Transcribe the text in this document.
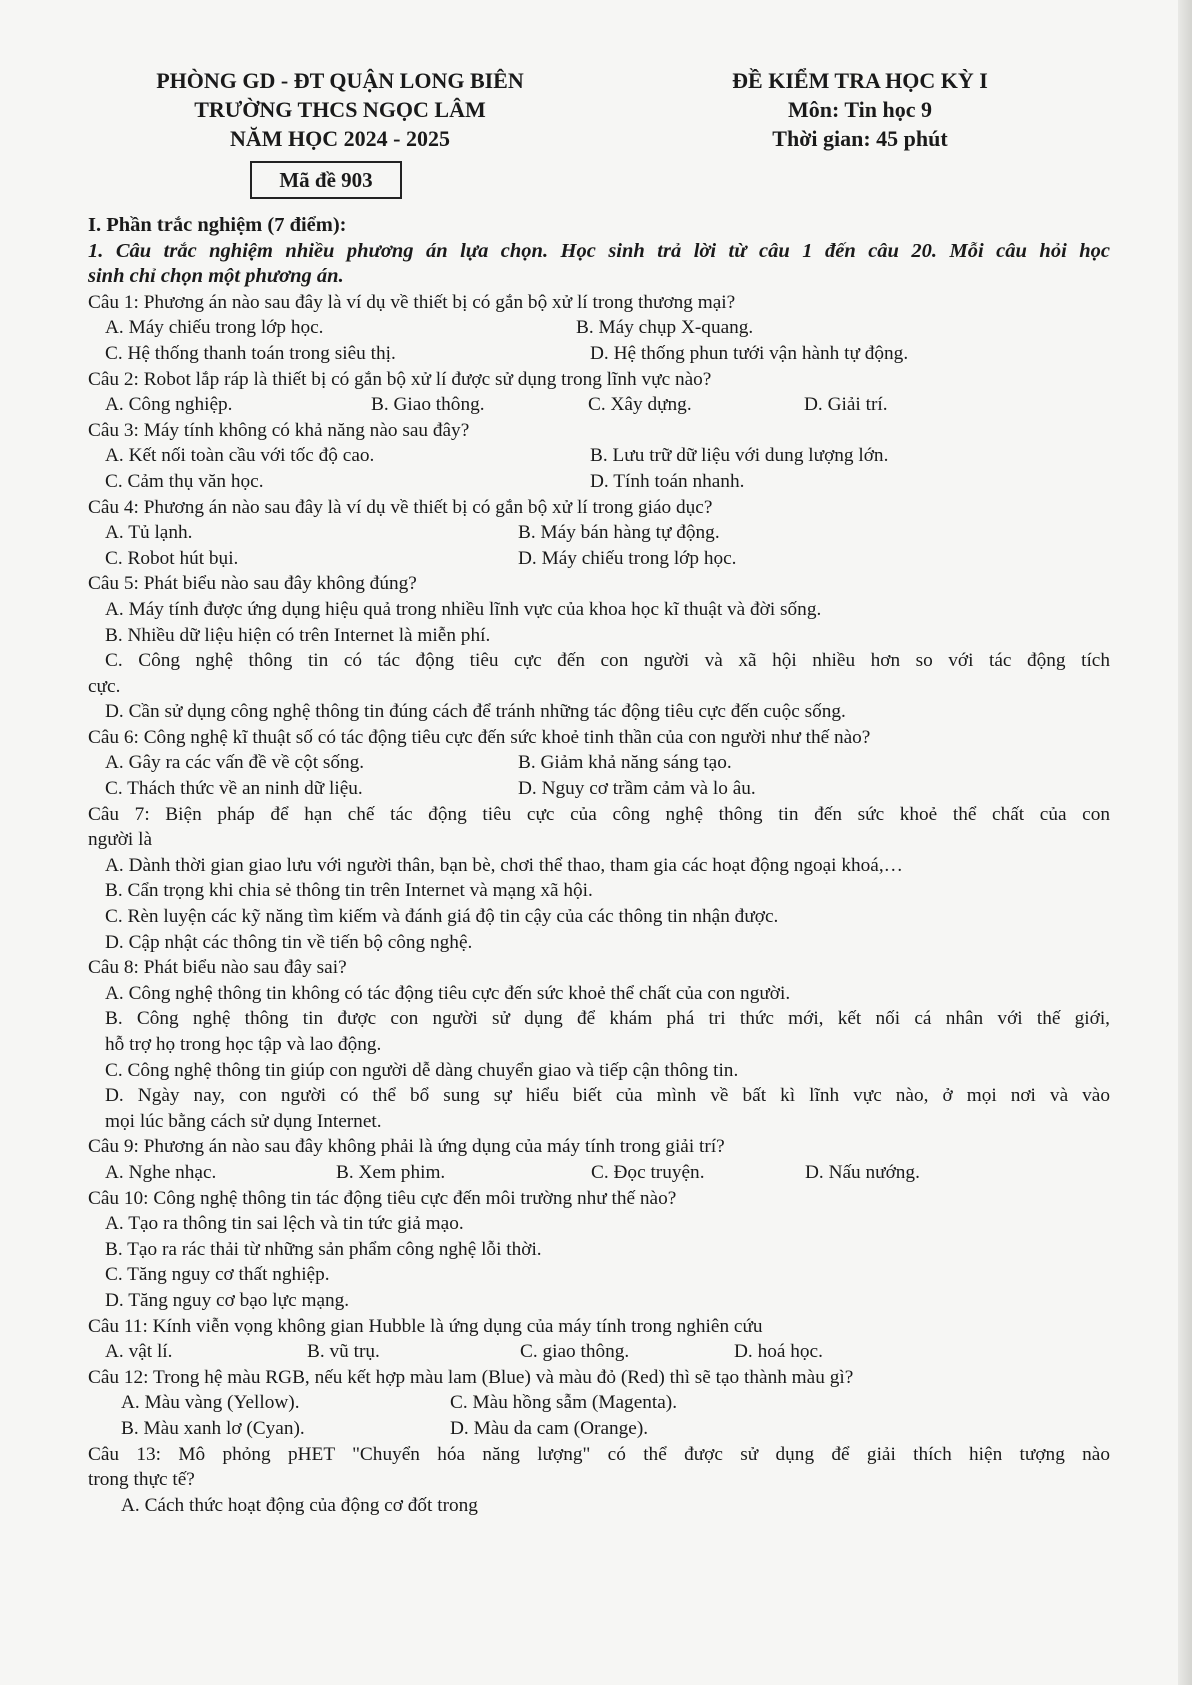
PHÒNG GD - ĐT QUẬN LONG BIÊN
TRƯỜNG THCS NGỌC LÂM
NĂM HỌC 2024 - 2025
ĐỀ KIỂM TRA HỌC KỲ I
Môn: Tin học 9
Thời gian: 45 phút
Mã đề 903
I. Phần trắc nghiệm (7 điểm):
1. Câu trắc nghiệm nhiều phương án lựa chọn. Học sinh trả lời từ câu 1 đến câu 20. Mỗi câu hỏi học
sinh chỉ chọn một phương án.
Câu 1: Phương án nào sau đây là ví dụ về thiết bị có gắn bộ xử lí trong thương mại?
A. Máy chiếu trong lớp học.	B. Máy chụp X-quang.
C. Hệ thống thanh toán trong siêu thị.	D. Hệ thống phun tưới vận hành tự động.
Câu 2: Robot lắp ráp là thiết bị có gắn bộ xử lí được sử dụng trong lĩnh vực nào?
A. Công nghiệp.	B. Giao thông.	C. Xây dựng.	D. Giải trí.
Câu 3: Máy tính không có khả năng nào sau đây?
A. Kết nối toàn cầu với tốc độ cao.	B. Lưu trữ dữ liệu với dung lượng lớn.
C. Cảm thụ văn học.	D. Tính toán nhanh.
Câu 4: Phương án nào sau đây là ví dụ về thiết bị có gắn bộ xử lí trong giáo dục?
A. Tủ lạnh.	B. Máy bán hàng tự động.
C. Robot hút bụi.	D. Máy chiếu trong lớp học.
Câu 5: Phát biểu nào sau đây không đúng?
A. Máy tính được ứng dụng hiệu quả trong nhiều lĩnh vực của khoa học kĩ thuật và đời sống.
B. Nhiều dữ liệu hiện có trên Internet là miễn phí.
C. Công nghệ thông tin có tác động tiêu cực đến con người và xã hội nhiều hơn so với tác động tích
cực.
D. Cần sử dụng công nghệ thông tin đúng cách để tránh những tác động tiêu cực đến cuộc sống.
Câu 6: Công nghệ kĩ thuật số có tác động tiêu cực đến sức khoẻ tinh thần của con người như thế nào?
A. Gây ra các vấn đề về cột sống.	B. Giảm khả năng sáng tạo.
C. Thách thức về an ninh dữ liệu.	D. Nguy cơ trầm cảm và lo âu.
Câu 7: Biện pháp để hạn chế tác động tiêu cực của công nghệ thông tin đến sức khoẻ thể chất của con
người là
A. Dành thời gian giao lưu với người thân, bạn bè, chơi thể thao, tham gia các hoạt động ngoại khoá,…
B. Cẩn trọng khi chia sẻ thông tin trên Internet và mạng xã hội.
C. Rèn luyện các kỹ năng tìm kiếm và đánh giá độ tin cậy của các thông tin nhận được.
D. Cập nhật các thông tin về tiến bộ công nghệ.
Câu 8: Phát biểu nào sau đây sai?
A. Công nghệ thông tin không có tác động tiêu cực đến sức khoẻ thể chất của con người.
B. Công nghệ thông tin được con người sử dụng để khám phá tri thức mới, kết nối cá nhân với thế giới,
hỗ trợ họ trong học tập và lao động.
C. Công nghệ thông tin giúp con người dễ dàng chuyển giao và tiếp cận thông tin.
D. Ngày nay, con người có thể bổ sung sự hiểu biết của mình về bất kì lĩnh vực nào, ở mọi nơi và vào
mọi lúc bằng cách sử dụng Internet.
Câu 9: Phương án nào sau đây không phải là ứng dụng của máy tính trong giải trí?
A. Nghe nhạc.	B. Xem phim.	C. Đọc truyện.	D. Nấu nướng.
Câu 10: Công nghệ thông tin tác động tiêu cực đến môi trường như thế nào?
A. Tạo ra thông tin sai lệch và tin tức giả mạo.
B. Tạo ra rác thải từ những sản phẩm công nghệ lỗi thời.
C. Tăng nguy cơ thất nghiệp.
D. Tăng nguy cơ bạo lực mạng.
Câu 11: Kính viễn vọng không gian Hubble là ứng dụng của máy tính trong nghiên cứu
A. vật lí.	B. vũ trụ.	C. giao thông.	D. hoá học.
Câu 12: Trong hệ màu RGB, nếu kết hợp màu lam (Blue) và màu đỏ (Red) thì sẽ tạo thành màu gì?
A. Màu vàng (Yellow).	C. Màu hồng sẫm (Magenta).
B. Màu xanh lơ (Cyan).	D. Màu da cam (Orange).
Câu 13: Mô phỏng pHET "Chuyển hóa năng lượng" có thể được sử dụng để giải thích hiện tượng nào
trong thực tế?
A. Cách thức hoạt động của động cơ đốt trong
